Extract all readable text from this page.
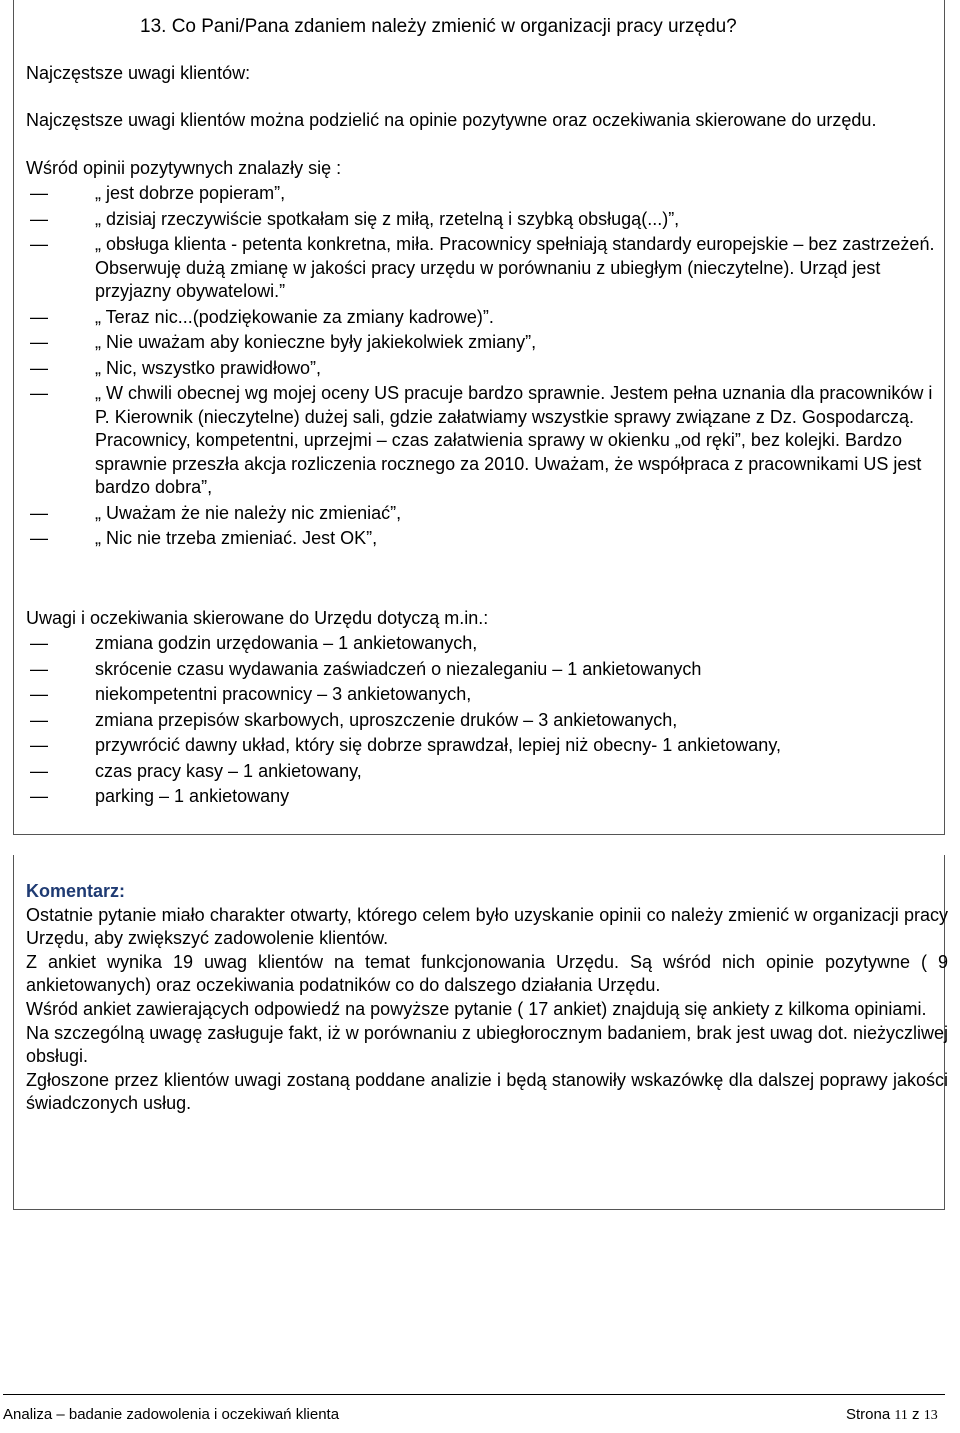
13. Co Pani/Pana zdaniem należy zmienić w organizacji pracy urzędu?
Najczęstsze uwagi klientów:

Najczęstsze uwagi klientów można podzielić na opinie pozytywne oraz oczekiwania skierowane do urzędu.

Wśród opinii pozytywnych znalazły się :

— „ jest dobrze popieram”,
— „ dzisiaj rzeczywiście spotkałam się z miłą, rzetelną i szybką obsługą(...)”,
— „ obsługa klienta - petenta konkretna, miła. Pracownicy spełniają standardy europejskie – bez zastrzeżeń. Obserwuję dużą zmianę w jakości pracy urzędu w porównaniu z ubiegłym (nieczytelne). Urząd jest przyjazny obywatelowi.”
— „ Teraz nic...(podziękowanie za zmiany kadrowe)”.
— „ Nie uważam aby konieczne były jakiekolwiek zmiany”,
— „ Nic, wszystko prawidłowo”,
— „ W chwili obecnej wg mojej oceny US pracuje bardzo sprawnie. Jestem pełna uznania dla pracowników i P. Kierownik (nieczytelne) dużej sali, gdzie załatwiamy wszystkie sprawy związane z Dz. Gospodarczą. Pracownicy, kompetentni, uprzejmi – czas załatwienia sprawy w okienku „od ręki”, bez kolejki. Bardzo sprawnie przeszła akcja rozliczenia rocznego za 2010. Uważam, że współpraca z pracownikami US jest bardzo dobra”,
— „ Uważam że nie należy nic zmieniać”,
— „ Nic nie trzeba zmieniać. Jest OK”,

Uwagi i oczekiwania skierowane do Urzędu dotyczą m.in.:

— zmiana godzin urzędowania – 1 ankietowanych,
— skrócenie czasu wydawania zaświadczeń o niezaleganiu – 1 ankietowanych
— niekompetentni pracownicy – 3 ankietowanych,
— zmiana przepisów skarbowych, uproszczenie druków – 3 ankietowanych,
— przywrócić dawny układ, który się dobrze sprawdzał, lepiej niż obecny- 1 ankietowany,
— czas pracy kasy – 1 ankietowany,
— parking – 1 ankietowany

Komentarz:

Ostatnie pytanie miało charakter otwarty, którego celem było uzyskanie opinii co należy zmienić w organizacji pracy Urzędu, aby zwiększyć zadowolenie klientów.

Z ankiet wynika 19 uwag klientów na temat funkcjonowania Urzędu. Są wśród nich opinie pozytywne ( 9 ankietowanych) oraz oczekiwania podatników co do dalszego działania Urzędu.

Wśród ankiet zawierających odpowiedź na powyższe pytanie ( 17 ankiet) znajdują się ankiety z kilkoma opiniami.

Na szczególną uwagę zasługuje fakt, iż w porównaniu z ubiegłorocznym badaniem, brak jest uwag dot. nieżyczliwej obsługi.

Zgłoszone przez klientów uwagi zostaną poddane analizie i będą stanowiły wskazówkę dla dalszej poprawy jakości świadczonych usług.

Analiza – badanie zadowolenia i oczekiwań klienta	Strona 11 z 13
